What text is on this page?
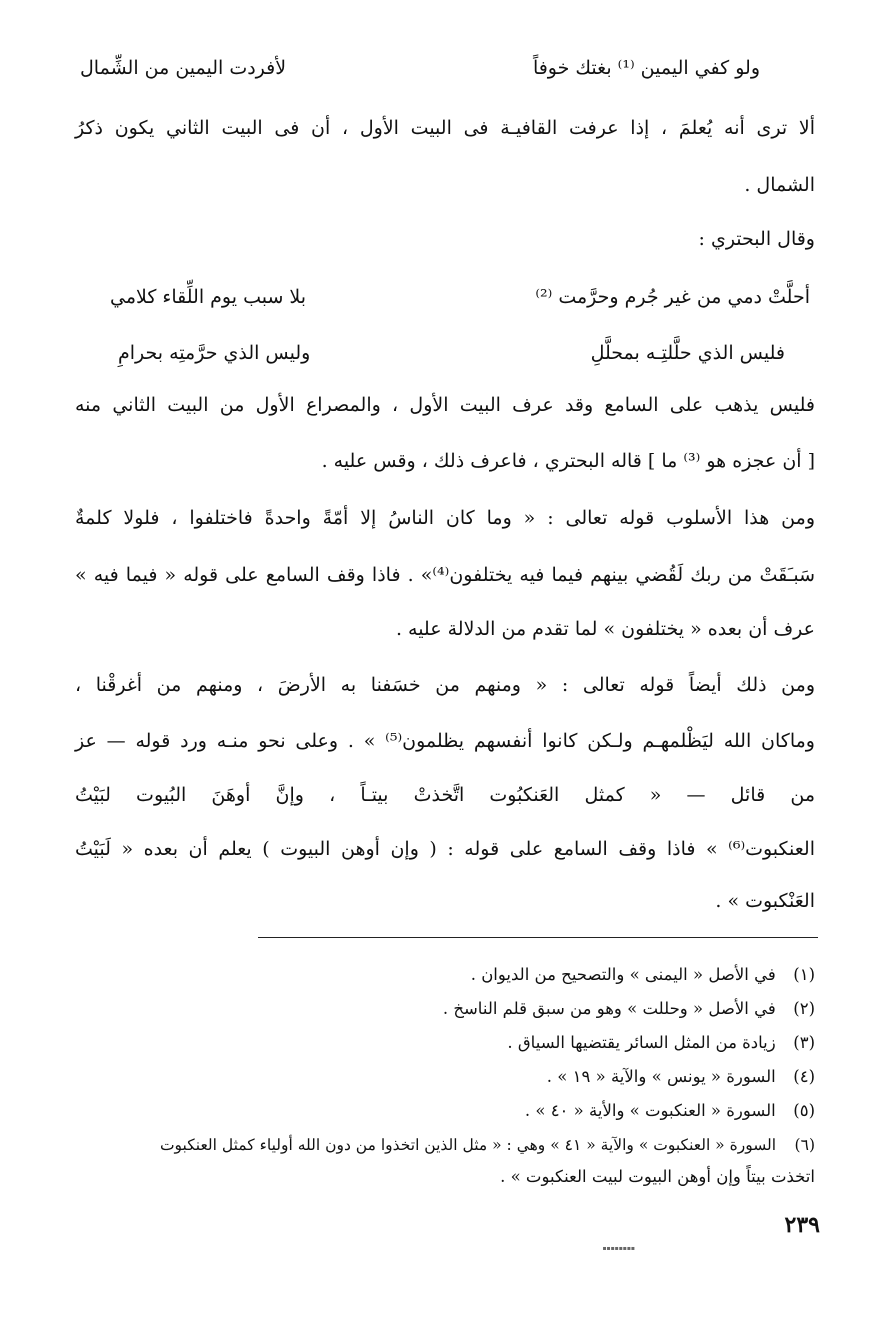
ولو كفي اليمين ⁽¹⁾ بغتك خوفاً
لأفردت اليمين من الشِّمال
ألا ترى أنه يُعلمَ ، إذا عرفت القافيـة فى البيت الأول ، أن فى البيت الثاني يكون ذكرُ
الشمال .
وقال البحتري :
أحلَّتْ دمي من غير جُرم وحرَّمت ⁽²⁾
بلا سبب يوم اللِّقاء كلامي
فليس الذي حلَّلتِـه بمحلَّلِ
وليس الذي حرَّمتِه بحرامِ
فليس يذهب على السامع وقد عرف البيت الأول ، والمصراع الأول من البيت الثاني منه
[ أن عجزه هو ⁽³⁾ ما ] قاله البحتري ، فاعرف ذلك ، وقس عليه .
ومن هذا الأسلوب قوله تعالى : « وما كان الناسُ إلا أمّةً واحدةً فاختلفوا ، فلولا كلمةٌ
سَبـَقَتْ من ربك لَقُضي بينهم فيما فيه يختلفون⁽⁴⁾» . فاذا وقف السامع على قوله « فيما فيه »
عرف أن بعده « يختلفون » لما تقدم من الدلالة عليه .
ومن ذلك أيضاً قوله تعالى : « ومنهم من خسَفنا به الأرضَ ، ومنهم من أغرقْنا ،
وماكان الله ليَظْلمهـم ولـكن كانوا أنفسهم يظلمون⁽⁵⁾ » . وعلى نحو منـه ورد قوله — عز
من قائل — « كمثل العَنكبُوت اتَّخذتْ بيتـاً ، وإنَّ أوهَنَ البُيوت لبَيْتُ
العنكبوت⁽⁶⁾ » فاذا وقف السامع على قوله : ( وإن أوهن البيوت ) يعلم أن بعده « لَبَيْتُ
العَنْكبوت » .
(١) في الأصل « اليمنى » والتصحيح من الديوان .
(٢) في الأصل « وحللت » وهو من سبق قلم الناسخ .
(٣) زيادة من المثل السائر يقتضيها السياق .
(٤) السورة « يونس » والآية « ١٩ » .
(٥) السورة « العنكبوت » والأية « ٤٠ » .
(٦) السورة « العنكبوت » والآية « ٤١ » وهي : « مثل الذين اتخذوا من دون الله أولياء كمثل العنكبوت
اتخذت بيتاً وإن أوهن البيوت لبيت العنكبوت » .
٢٣٩
▪▪▪▪▪▪▪▪
